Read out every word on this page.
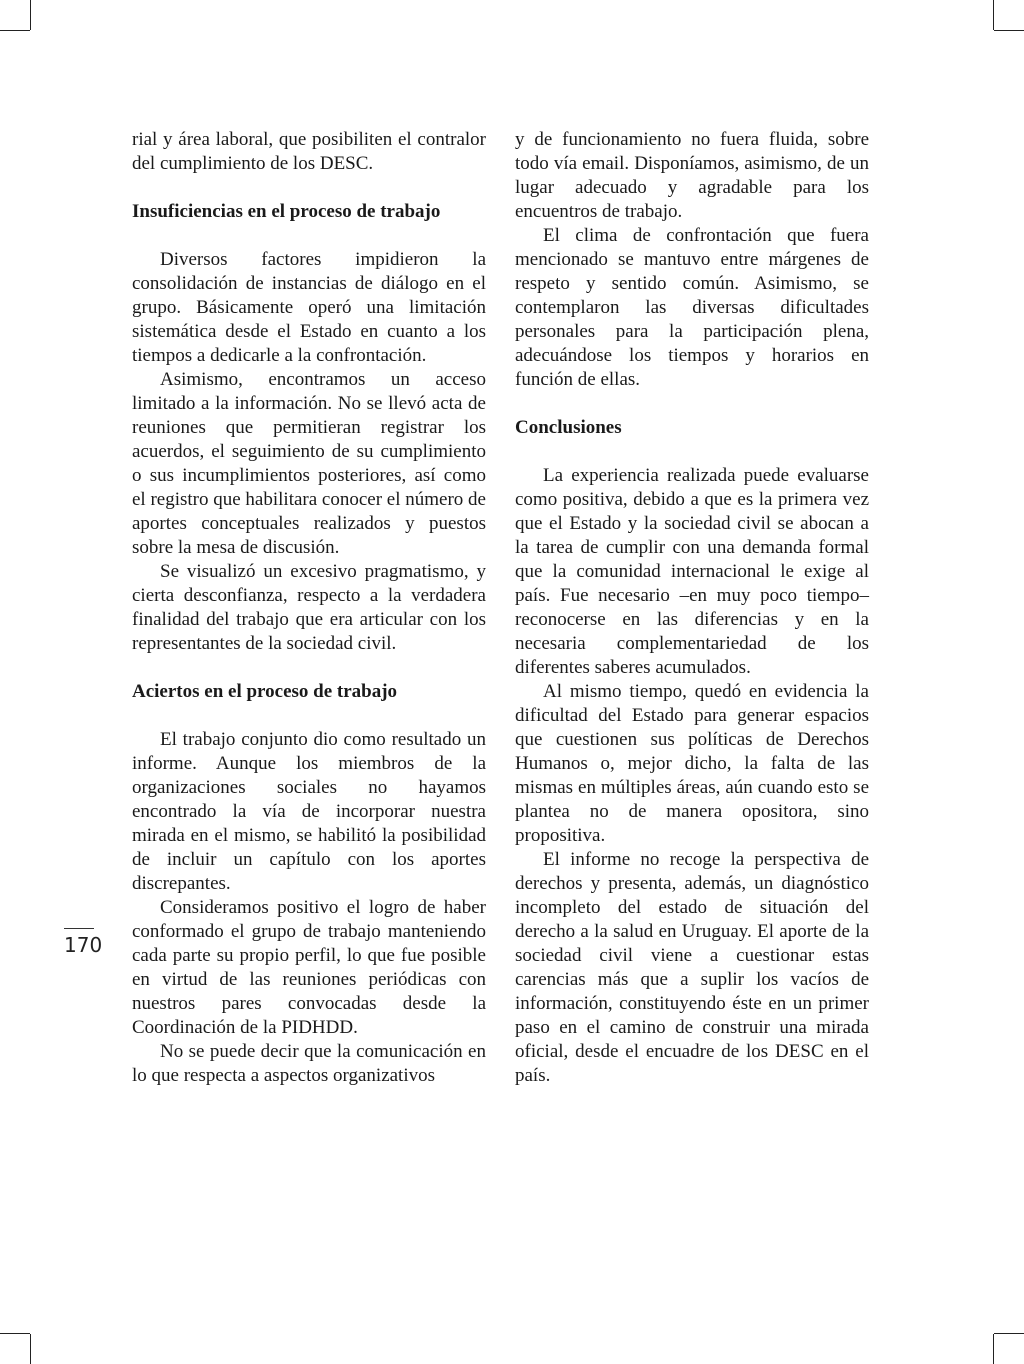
rial y área laboral, que posibiliten el contralor del cumplimiento de los DESC.

Insuficiencias en el proceso de trabajo

Diversos factores impidieron la consolidación de instancias de diálogo en el grupo. Básicamente operó una limitación sistemática desde el Estado en cuanto a los tiempos a dedicarle a la confrontación.

Asimismo, encontramos un acceso limitado a la información. No se llevó acta de reuniones que permitieran registrar los acuerdos, el seguimiento de su cumplimiento o sus incumplimientos posteriores, así como el registro que habilitara conocer el número de aportes conceptuales realizados y puestos sobre la mesa de discusión.

Se visualizó un excesivo pragmatismo, y cierta desconfianza, respecto a la verdadera finalidad del trabajo que era articular con los representantes de la sociedad civil.

Aciertos en el proceso de trabajo

El trabajo conjunto dio como resultado un informe. Aunque los miembros de la organizaciones sociales no hayamos encontrado la vía de incorporar nuestra mirada en el mismo, se habilitó la posibilidad de incluir un capítulo con los aportes discrepantes.

Consideramos positivo el logro de haber conformado el grupo de trabajo manteniendo cada parte su propio perfil, lo que fue posible en virtud de las reuniones periódicas con nuestros pares convocadas desde la Coordinación de la PIDHDD.

No se puede decir que la comunicación en lo que respecta a aspectos organizativos

y de funcionamiento no fuera fluida, sobre todo vía email. Disponíamos, asimismo, de un lugar adecuado y agradable para los encuentros de trabajo.

El clima de confrontación que fuera mencionado se mantuvo entre márgenes de respeto y sentido común. Asimismo, se contemplaron las diversas dificultades personales para la participación plena, adecuándose los tiempos y horarios en función de ellas.

Conclusiones

La experiencia realizada puede evaluarse como positiva, debido a que es la primera vez que el Estado y la sociedad civil se abocan a la tarea de cumplir con una demanda formal que la comunidad internacional le exige al país. Fue necesario –en muy poco tiempo– reconocerse en las diferencias y en la necesaria complementariedad de los diferentes saberes acumulados.

Al mismo tiempo, quedó en evidencia la dificultad del Estado para generar espacios que cuestionen sus políticas de Derechos Humanos o, mejor dicho, la falta de las mismas en múltiples áreas, aún cuando esto se plantea no de manera opositora, sino propositiva.

El informe no recoge la perspectiva de derechos y presenta, además, un diagnóstico incompleto del estado de situación del derecho a la salud en Uruguay. El aporte de la sociedad civil viene a cuestionar estas carencias más que a suplir los vacíos de información, constituyendo éste en un primer paso en el camino de construir una mirada oficial, desde el encuadre de los DESC en el país.

170
